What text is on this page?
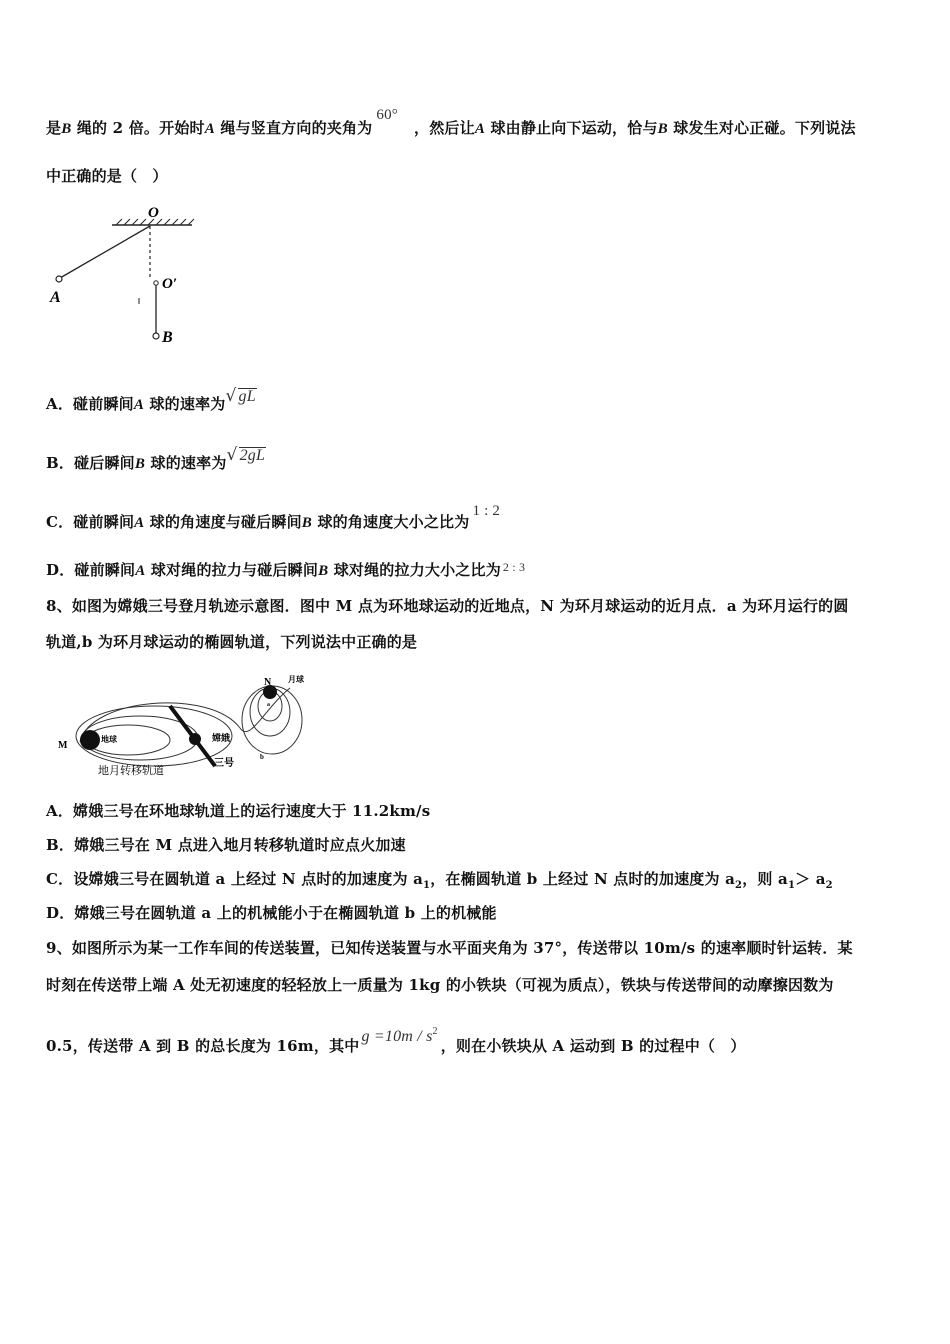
是B 绳的 2 倍。开始时A 绳与竖直方向的夹角为60°，然后让A 球由静止向下运动，恰与B 球发生对心正碰。下列说法
中正确的是（　）
O
A
O′
B
A．碰前瞬间A 球的速率为√ gL
B．碰后瞬间B 球的速率为√ 2gL
C．碰前瞬间A 球的角速度与碰后瞬间B 球的角速度大小之比为1 : 2
D．碰前瞬间A 球对绳的拉力与碰后瞬间B 球对绳的拉力大小之比为 $^{2 : 3}$
8、如图为嫦娥三号登月轨迹示意图．图中 M 点为环地球运动的近地点，N 为环月球运动的近月点．a 为环月运行的圆
轨道,b 为环月球运动的椭圆轨道，下列说法中正确的是
地球
M
嫦娥
三号
地月转移轨道
N 月球
a
b
A．嫦娥三号在环地球轨道上的运行速度大于 11.2km/s
B．嫦娥三号在 M 点进入地月转移轨道时应点火加速
C．设嫦娥三号在圆轨道 a 上经过 N 点时的加速度为 $a_1$，在椭圆轨道 b 上经过 N 点时的加速度为 $a_2$，则 $a_1> a_2$
D．嫦娥三号在圆轨道 a 上的机械能小于在椭圆轨道 b 上的机械能
9、如图所示为某一工作车间的传送装置，已知传送装置与水平面夹角为 37°，传送带以 10m/s 的速率顺时针运转．某
时刻在传送带上端 A 处无初速度的轻轻放上一质量为 1kg 的小铁块（可视为质点），铁块与传送带间的动摩擦因数为
0.5，传送带 A 到 B 的总长度为 16m，其中$g =10m / s^2$，则在小铁块从 A 运动到 B 的过程中（　）
